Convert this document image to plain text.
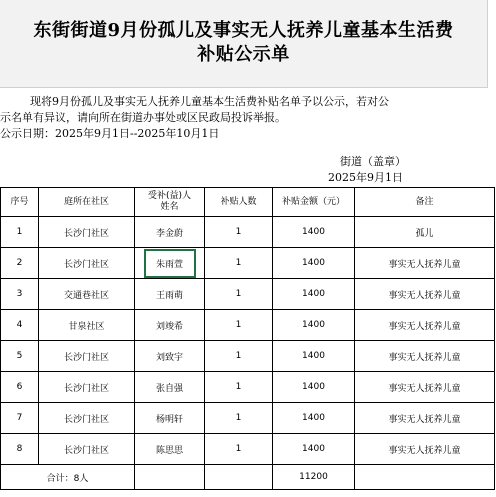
东街街道9月份孤儿及事实无人抚养儿童基本生活费
补贴公示单
现将9月份孤儿及事实无人抚养儿童基本生活费补贴名单予以公示，若对公
示名单有异议，请向所在街道办事处或区民政局投诉举报。
公示日期：2025年9月1日--2025年10月1日
街道（盖章）
2025年9月1日
序号	庭所在社区	受补(益)人
姓名	补贴人数	补贴金额（元）	备注
1	长沙门社区	李金蔚	1	1400	孤儿
2	长沙门社区	朱雨萱	1	1400	事实无人抚养儿童
3	交通巷社区	王雨萌	1	1400	事实无人抚养儿童
4	甘泉社区	刘竣希	1	1400	事实无人抚养儿童
5	长沙门社区	刘致宇	1	1400	事实无人抚养儿童
6	长沙门社区	张自强	1	1400	事实无人抚养儿童
7	长沙门社区	杨明轩	1	1400	事实无人抚养儿童
8	长沙门社区	陈思思	1	1400	事实无人抚养儿童
合计：8人				11200	
